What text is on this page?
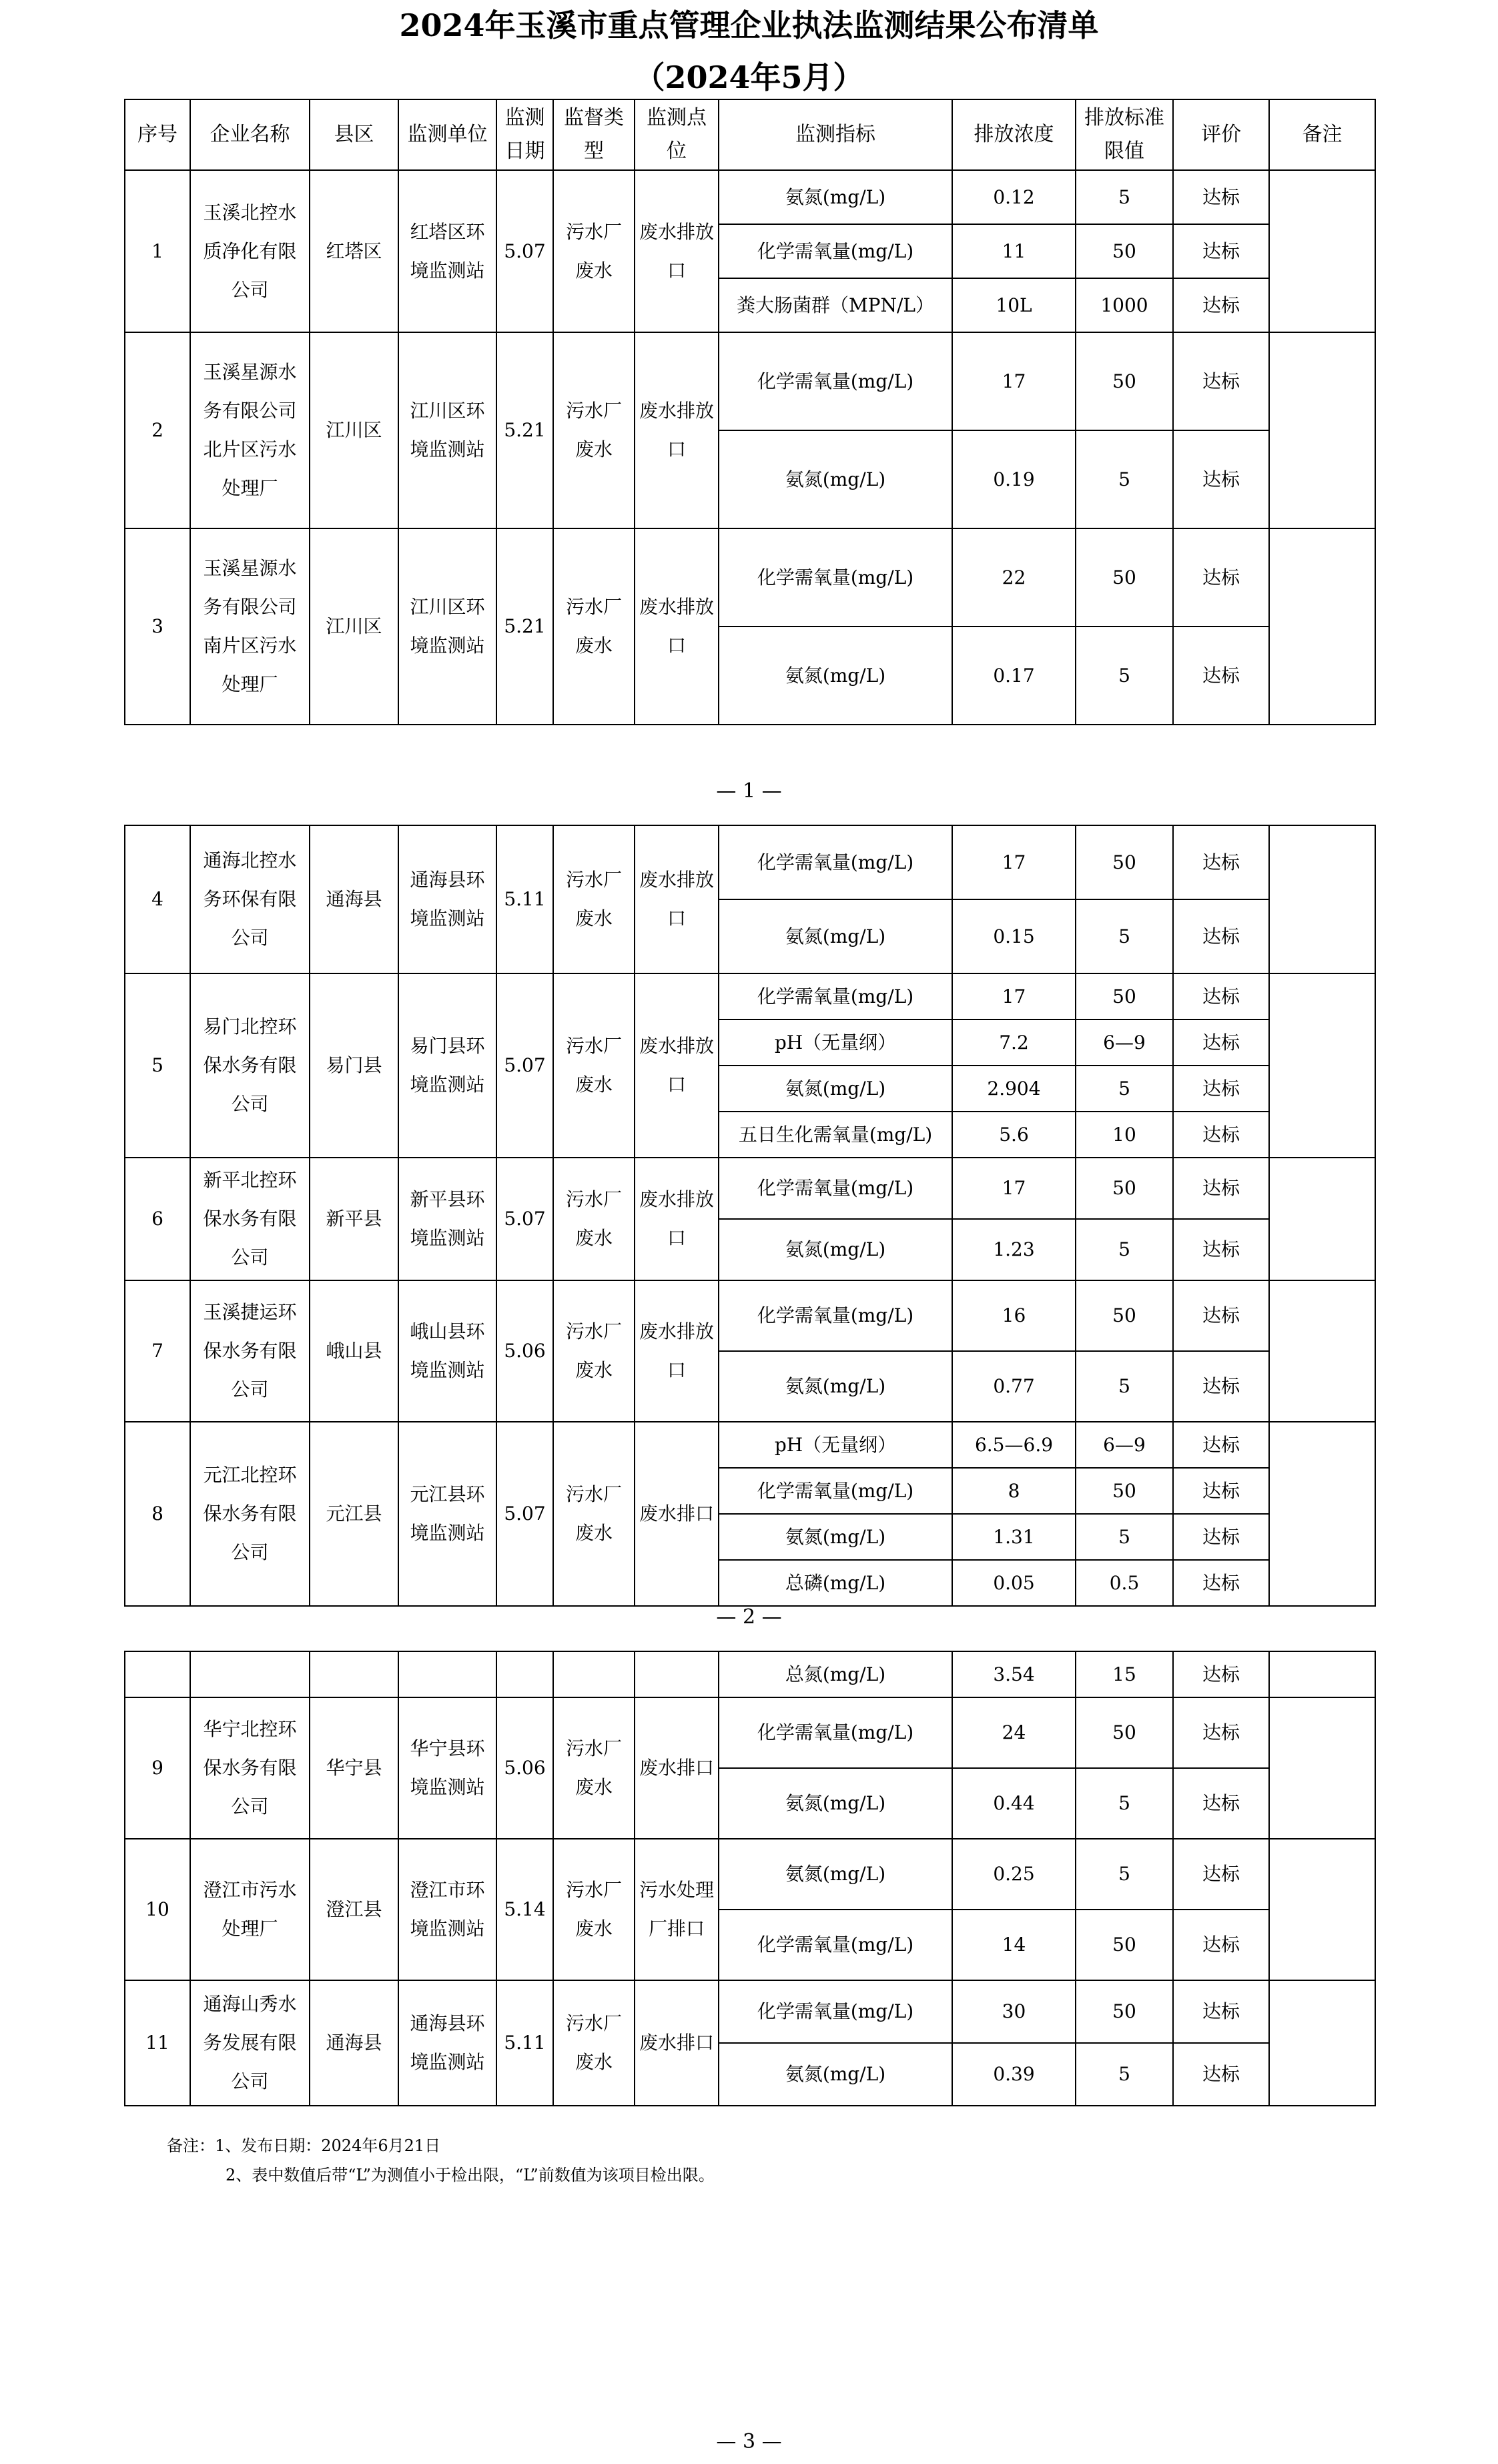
2024年玉溪市重点管理企业执法监测结果公布清单
（2024年5月）
序号	企业名称	县区	监测单位	监测日期	监督类型	监测点位	监测指标	排放浓度	排放标准限值	评价	备注
1	玉溪北控水质净化有限公司	红塔区	红塔区环境监测站	5.07	污水厂废水	废水排放口	氨氮(mg/L)	0.12	5	达标	
							化学需氧量(mg/L)	11	50	达标	
							粪大肠菌群（MPN/L）	10L	1000	达标	
2	玉溪星源水务有限公司北片区污水处理厂	江川区	江川区环境监测站	5.21	污水厂废水	废水排放口	化学需氧量(mg/L)	17	50	达标	
							氨氮(mg/L)	0.19	5	达标	
3	玉溪星源水务有限公司南片区污水处理厂	江川区	江川区环境监测站	5.21	污水厂废水	废水排放口	化学需氧量(mg/L)	22	50	达标	
							氨氮(mg/L)	0.17	5	达标	
— 1 —
4	通海北控水务环保有限公司	通海县	通海县环境监测站	5.11	污水厂废水	废水排放口	化学需氧量(mg/L)	17	50	达标	
							氨氮(mg/L)	0.15	5	达标	
5	易门北控环保水务有限公司	易门县	易门县环境监测站	5.07	污水厂废水	废水排放口	化学需氧量(mg/L)	17	50	达标	
							pH（无量纲）	7.2	6—9	达标	
							氨氮(mg/L)	2.904	5	达标	
							五日生化需氧量(mg/L)	5.6	10	达标	
6	新平北控环保水务有限公司	新平县	新平县环境监测站	5.07	污水厂废水	废水排放口	化学需氧量(mg/L)	17	50	达标	
							氨氮(mg/L)	1.23	5	达标	
7	玉溪捷运环保水务有限公司	峨山县	峨山县环境监测站	5.06	污水厂废水	废水排放口	化学需氧量(mg/L)	16	50	达标	
							氨氮(mg/L)	0.77	5	达标	
8	元江北控环保水务有限公司	元江县	元江县环境监测站	5.07	污水厂废水	废水排口	pH（无量纲）	6.5—6.9	6—9	达标	
							化学需氧量(mg/L)	8	50	达标	
							氨氮(mg/L)	1.31	5	达标	
							总磷(mg/L)	0.05	0.5	达标	
— 2 —
							总氮(mg/L)	3.54	15	达标	
9	华宁北控环保水务有限公司	华宁县	华宁县环境监测站	5.06	污水厂废水	废水排口	化学需氧量(mg/L)	24	50	达标	
							氨氮(mg/L)	0.44	5	达标	
10	澄江市污水处理厂	澄江县	澄江市环境监测站	5.14	污水厂废水	污水处理厂排口	氨氮(mg/L)	0.25	5	达标	
							化学需氧量(mg/L)	14	50	达标	
11	通海山秀水务发展有限公司	通海县	通海县环境监测站	5.11	污水厂废水	废水排口	化学需氧量(mg/L)	30	50	达标	
							氨氮(mg/L)	0.39	5	达标	
备注：1、发布日期：2024年6月21日
2、表中数值后带“L”为测值小于检出限，“L”前数值为该项目检出限。
— 3 —
